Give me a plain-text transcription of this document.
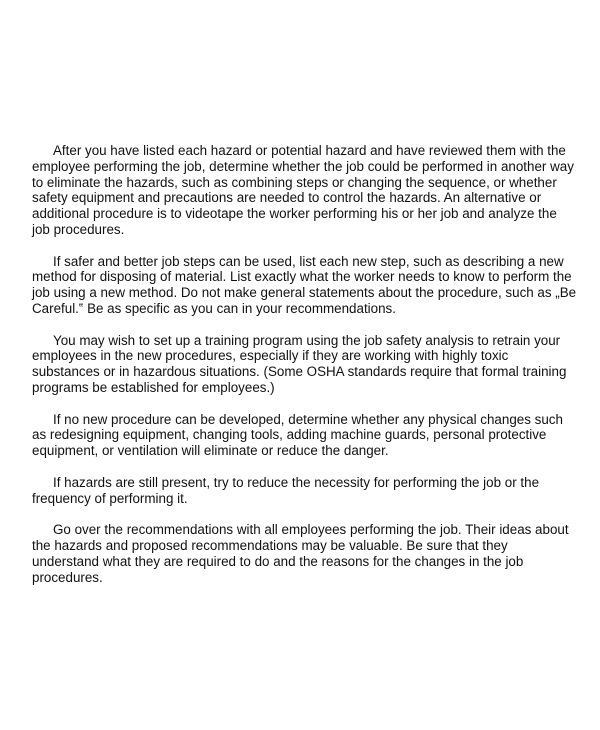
After you have listed each hazard or potential hazard and have reviewed them with the employee performing the job, determine whether the job could be performed in another way to eliminate the hazards, such as combining steps or changing the sequence, or whether safety equipment and precautions are needed to control the hazards. An alternative or additional procedure is to videotape the worker performing his or her job and analyze the job procedures.

If safer and better job steps can be used, list each new step, such as describing a new method for disposing of material. List exactly what the worker needs to know to perform the job using a new method. Do not make general statements about the procedure, such as „Be Careful.‟ Be as specific as you can in your recommendations.

You may wish to set up a training program using the job safety analysis to retrain your employees in the new procedures, especially if they are working with highly toxic substances or in hazardous situations. (Some OSHA standards require that formal training programs be established for employees.)

If no new procedure can be developed, determine whether any physical changes such as redesigning equipment, changing tools, adding machine guards, personal protective equipment, or ventilation will eliminate or reduce the danger.

If hazards are still present, try to reduce the necessity for performing the job or the frequency of performing it.

Go over the recommendations with all employees performing the job. Their ideas about the hazards and proposed recommendations may be valuable. Be sure that they understand what they are required to do and the reasons for the changes in the job procedures.
